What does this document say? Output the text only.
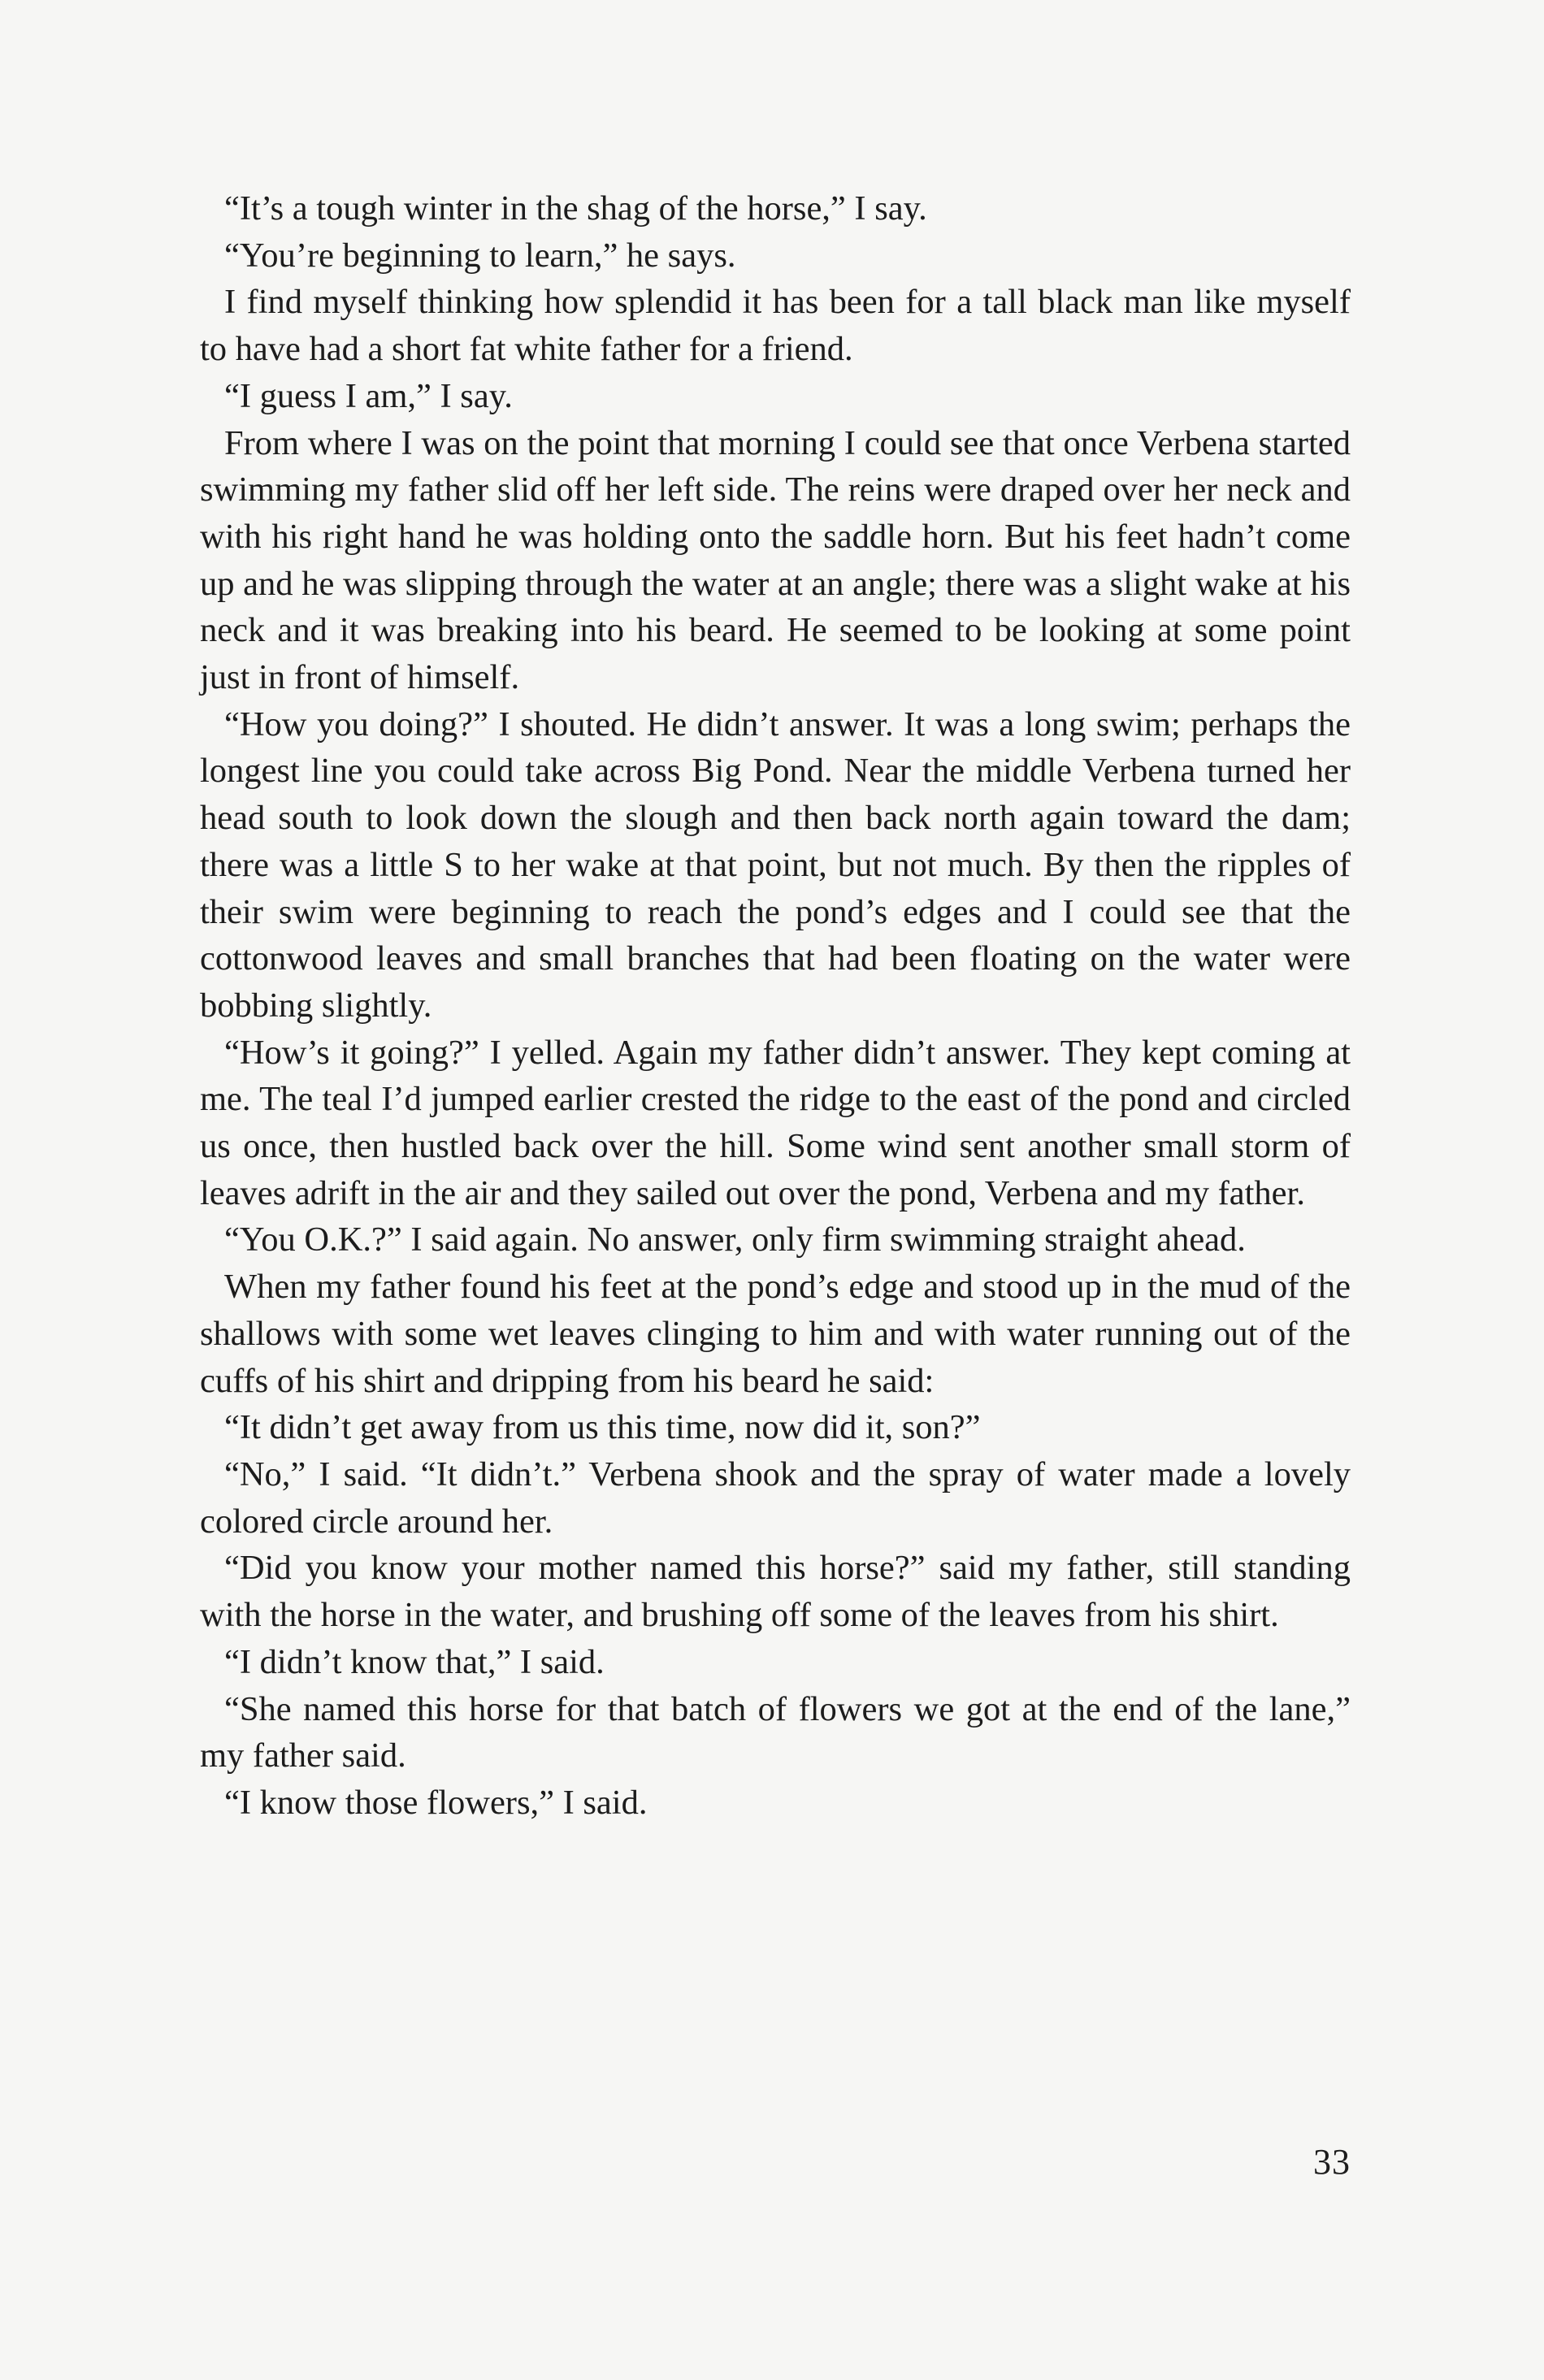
“It’s a tough winter in the shag of the horse,” I say.

“You’re beginning to learn,” he says.

I find myself thinking how splendid it has been for a tall black man like myself to have had a short fat white father for a friend.

“I guess I am,” I say.

From where I was on the point that morning I could see that once Verbena started swimming my father slid off her left side. The reins were draped over her neck and with his right hand he was holding onto the saddle horn. But his feet hadn’t come up and he was slipping through the water at an angle; there was a slight wake at his neck and it was breaking into his beard. He seemed to be looking at some point just in front of himself.

“How you doing?” I shouted. He didn’t answer. It was a long swim; perhaps the longest line you could take across Big Pond. Near the middle Verbena turned her head south to look down the slough and then back north again toward the dam; there was a little S to her wake at that point, but not much. By then the ripples of their swim were beginning to reach the pond’s edges and I could see that the cottonwood leaves and small branches that had been floating on the water were bobbing slightly.

“How’s it going?” I yelled. Again my father didn’t answer. They kept coming at me. The teal I’d jumped earlier crested the ridge to the east of the pond and circled us once, then hustled back over the hill. Some wind sent another small storm of leaves adrift in the air and they sailed out over the pond, Verbena and my father.

“You O.K.?” I said again. No answer, only firm swimming straight ahead.

When my father found his feet at the pond’s edge and stood up in the mud of the shallows with some wet leaves clinging to him and with water running out of the cuffs of his shirt and dripping from his beard he said:

“It didn’t get away from us this time, now did it, son?”

“No,” I said. “It didn’t.” Verbena shook and the spray of water made a lovely colored circle around her.

“Did you know your mother named this horse?” said my father, still standing with the horse in the water, and brushing off some of the leaves from his shirt.

“I didn’t know that,” I said.

“She named this horse for that batch of flowers we got at the end of the lane,” my father said.

“I know those flowers,” I said.

33
